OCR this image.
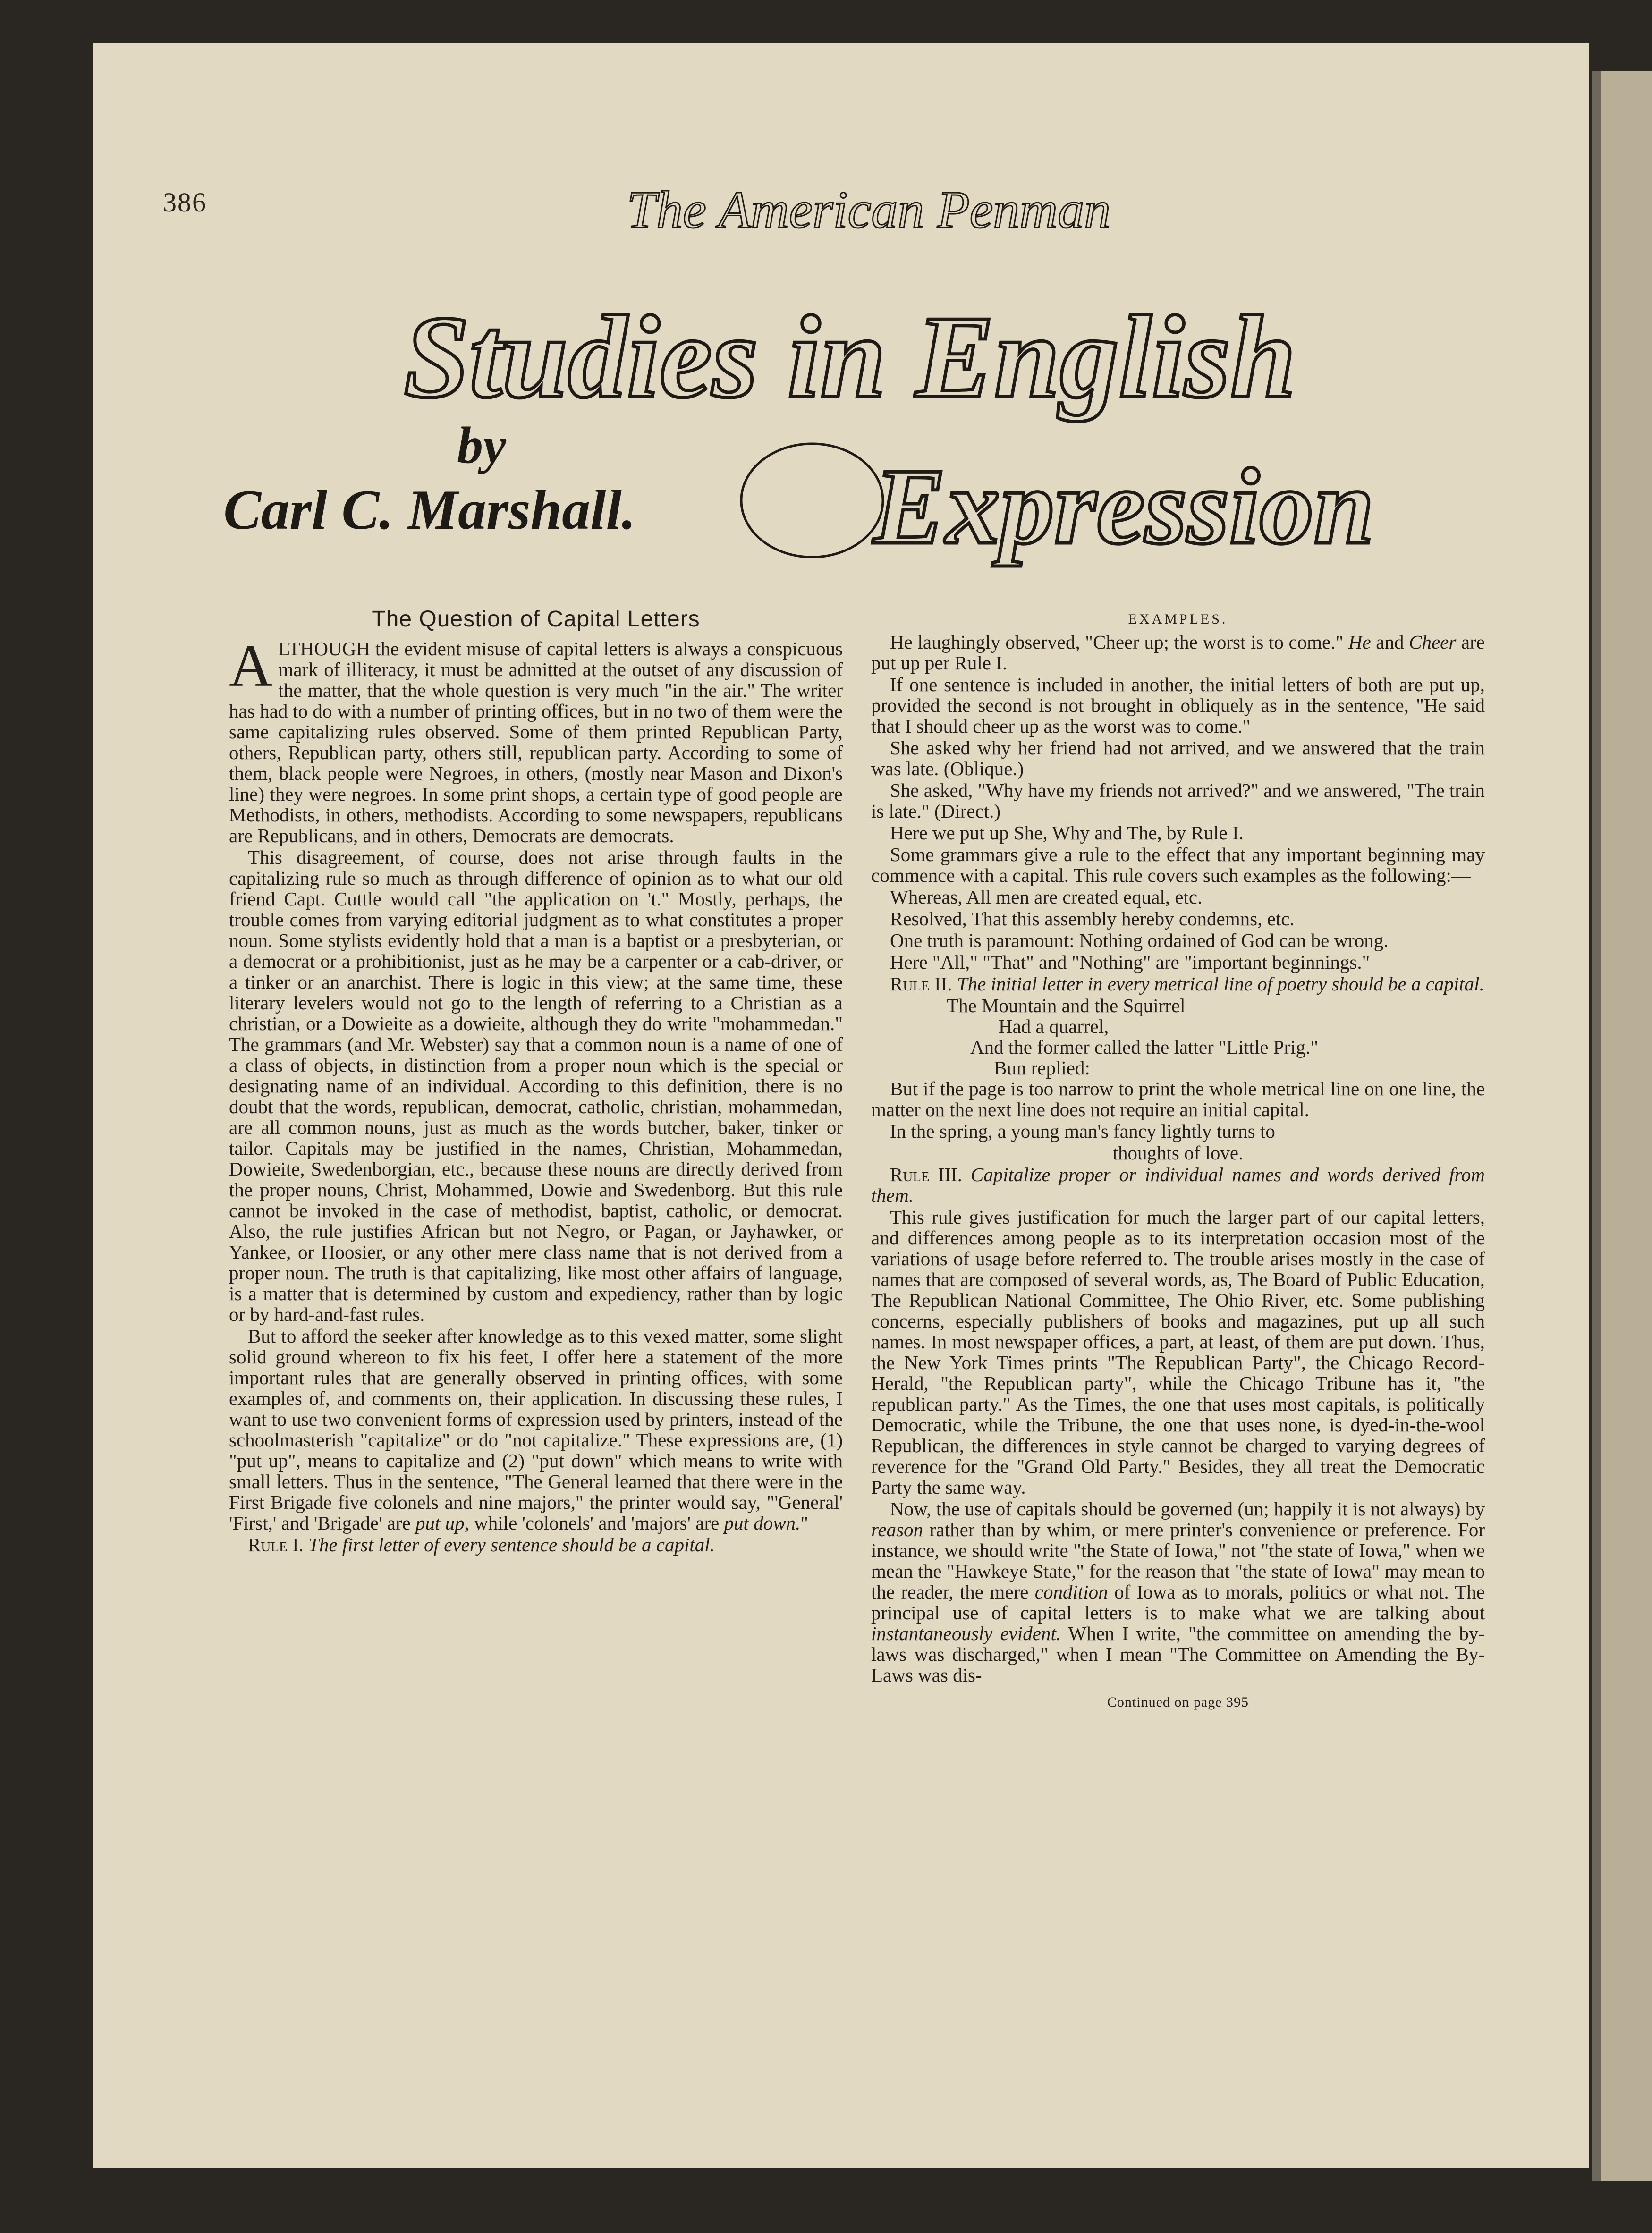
386	The American Penman
Studies in English
Expression
by
Carl C. Marshall.
The Question of Capital Letters

ALTHOUGH the evident misuse of capital letters is always a conspicuous mark of illiteracy, it must be admitted at the outset of any discussion of the matter, that the whole question is very much "in the air." The writer has had to do with a number of printing offices, but in no two of them were the same capitalizing rules observed. Some of them printed Republican Party, others, Republican party, others still, republican party. According to some of them, black people were Negroes, in others, (mostly near Mason and Dixon's line) they were negroes. In some print shops, a certain type of good people are Methodists, in others, methodists. According to some newspapers, republicans are Republicans, and in others, Democrats are democrats.

This disagreement, of course, does not arise through faults in the capitalizing rule so much as through difference of opinion as to what our old friend Capt. Cuttle would call "the application on 't." Mostly, perhaps, the trouble comes from varying editorial judgment as to what constitutes a proper noun. Some stylists evidently hold that a man is a baptist or a presbyterian, or a democrat or a prohibitionist, just as he may be a carpenter or a cab-driver, or a tinker or an anarchist. There is logic in this view; at the same time, these literary levelers would not go to the length of referring to a Christian as a christian, or a Dowieite as a dowieite, although they do write "mohammedan." The grammars (and Mr. Webster) say that a common noun is a name of one of a class of objects, in distinction from a proper noun which is the special or designating name of an individual. According to this definition, there is no doubt that the words, republican, democrat, catholic, christian, mohammedan, are all common nouns, just as much as the words butcher, baker, tinker or tailor. Capitals may be justified in the names, Christian, Mohammedan, Dowieite, Swedenborgian, etc., because these nouns are directly derived from the proper nouns, Christ, Mohammed, Dowie and Swedenborg. But this rule cannot be invoked in the case of methodist, baptist, catholic, or democrat. Also, the rule justifies African but not Negro, or Pagan, or Jayhawker, or Yankee, or Hoosier, or any other mere class name that is not derived from a proper noun. The truth is that capitalizing, like most other affairs of language, is a matter that is determined by custom and expediency, rather than by logic or by hard-and-fast rules.

But to afford the seeker after knowledge as to this vexed matter, some slight solid ground whereon to fix his feet, I offer here a statement of the more important rules that are generally observed in printing offices, with some examples of, and comments on, their application. In discussing these rules, I want to use two convenient forms of expression used by printers, instead of the schoolmasterish "capitalize" or do "not capitalize." These expressions are, (1) "put up", means to capitalize and (2) "put down" which means to write with small letters. Thus in the sentence, "The General learned that there were in the First Brigade five colonels and nine majors," the printer would say, "'General' 'First,' and 'Brigade' are put up, while 'colonels' and 'majors' are put down."

Rule I. The first letter of every sentence should be a capital.

EXAMPLES.

He laughingly observed, "Cheer up; the worst is to come." He and Cheer are put up per Rule I.

If one sentence is included in another, the initial letters of both are put up, provided the second is not brought in obliquely as in the sentence, "He said that I should cheer up as the worst was to come."

She asked why her friend had not arrived, and we answered that the train was late. (Oblique.)

She asked, "Why have my friends not arrived?" and we answered, "The train is late." (Direct.)

Here we put up She, Why and The, by Rule I.

Some grammars give a rule to the effect that any important beginning may commence with a capital. This rule covers such examples as the following:—

Whereas, All men are created equal, etc.

Resolved, That this assembly hereby condemns, etc.

One truth is paramount: Nothing ordained of God can be wrong.

Here "All," "That" and "Nothing" are "important beginnings."

Rule II. The initial letter in every metrical line of poetry should be a capital.

The Mountain and the Squirrel
Had a quarrel,
And the former called the latter "Little Prig."
Bun replied:

But if the page is too narrow to print the whole metrical line on one line, the matter on the next line does not require an initial capital.

In the spring, a young man's fancy lightly turns to

thoughts of love.

Rule III. Capitalize proper or individual names and words derived from them.

This rule gives justification for much the larger part of our capital letters, and differences among people as to its interpretation occasion most of the variations of usage before referred to. The trouble arises mostly in the case of names that are composed of several words, as, The Board of Public Education, The Republican National Committee, The Ohio River, etc. Some publishing concerns, especially publishers of books and magazines, put up all such names. In most newspaper offices, a part, at least, of them are put down. Thus, the New York Times prints "The Republican Party", the Chicago Record-Herald, "the Republican party", while the Chicago Tribune has it, "the republican party." As the Times, the one that uses most capitals, is politically Democratic, while the Tribune, the one that uses none, is dyed-in-the-wool Republican, the differences in style cannot be charged to varying degrees of reverence for the "Grand Old Party." Besides, they all treat the Democratic Party the same way.

Now, the use of capitals should be governed (un; happily it is not always) by reason rather than by whim, or mere printer's convenience or preference. For instance, we should write "the State of Iowa," not "the state of Iowa," when we mean the "Hawkeye State," for the reason that "the state of Iowa" may mean to the reader, the mere condition of Iowa as to morals, politics or what not. The principal use of capital letters is to make what we are talking about instantaneously evident. When I write, "the committee on amending the by-laws was discharged," when I mean "The Committee on Amending the By-Laws was dis-

Continued on page 395
